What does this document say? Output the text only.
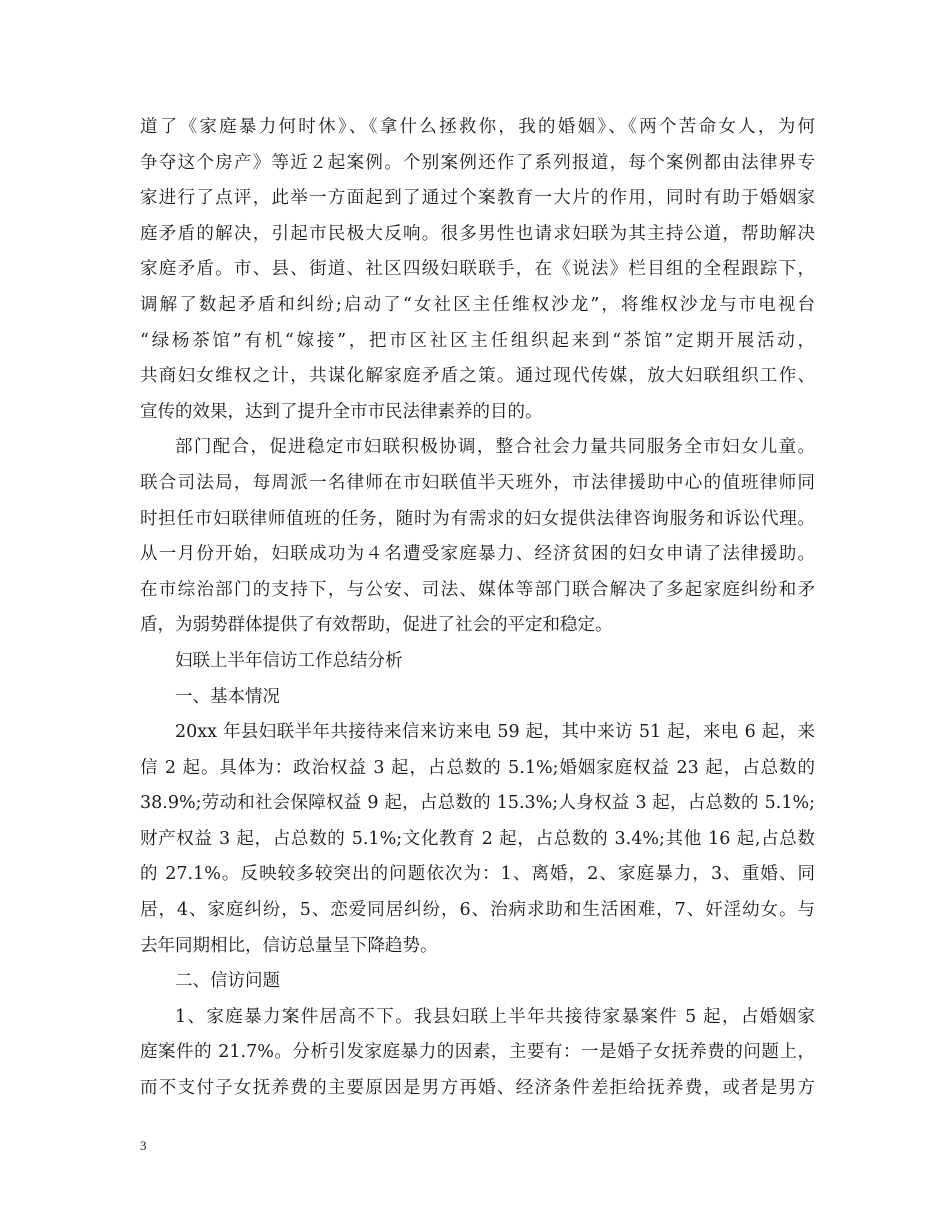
道了《家庭暴力何时休》、《拿什么拯救你，我的婚姻》、《两个苦命女人，为何
争夺这个房产》等近２起案例。个别案例还作了系列报道，每个案例都由法律界专
家进行了点评，此举一方面起到了通过个案教育一大片的作用，同时有助于婚姻家
庭矛盾的解决，引起市民极大反响。很多男性也请求妇联为其主持公道，帮助解决
家庭矛盾。市、县、街道、社区四级妇联联手，在《说法》栏目组的全程跟踪下，
调解了数起矛盾和纠纷;启动了“女社区主任维权沙龙”，将维权沙龙与市电视台
“绿杨茶馆”有机“嫁接”，把市区社区主任组织起来到“茶馆”定期开展活动，
共商妇女维权之计，共谋化解家庭矛盾之策。通过现代传媒，放大妇联组织工作、
宣传的效果，达到了提升全市市民法律素养的目的。
部门配合，促进稳定市妇联积极协调，整合社会力量共同服务全市妇女儿童。
联合司法局，每周派一名律师在市妇联值半天班外，市法律援助中心的值班律师同
时担任市妇联律师值班的任务，随时为有需求的妇女提供法律咨询服务和诉讼代理。
从一月份开始，妇联成功为４名遭受家庭暴力、经济贫困的妇女申请了法律援助。
在市综治部门的支持下，与公安、司法、媒体等部门联合解决了多起家庭纠纷和矛
盾，为弱势群体提供了有效帮助，促进了社会的平定和稳定。
妇联上半年信访工作总结分析
一、基本情况
20xx 年县妇联半年共接待来信来访来电 59 起，其中来访 51 起，来电 6 起，来
信 2 起。具体为：政治权益 3 起，占总数的 5.1%;婚姻家庭权益 23 起，占总数的
38.9%;劳动和社会保障权益 9 起，占总数的 15.3%;人身权益 3 起，占总数的 5.1%;
财产权益 3 起，占总数的 5.1%;文化教育 2 起，占总数的 3.4%;其他 16 起,占总数
的 27.1%。反映较多较突出的问题依次为：1、离婚，2、家庭暴力，3、重婚、同
居，4、家庭纠纷，5、恋爱同居纠纷，6、治病求助和生活困难，7、奸淫幼女。与
去年同期相比，信访总量呈下降趋势。
二、信访问题
1、家庭暴力案件居高不下。我县妇联上半年共接待家暴案件 5 起，占婚姻家
庭案件的 21.7%。分析引发家庭暴力的因素，主要有：一是婚子女抚养费的问题上，
而不支付子女抚养费的主要原因是男方再婚、经济条件差拒给抚养费，或者是男方
3
